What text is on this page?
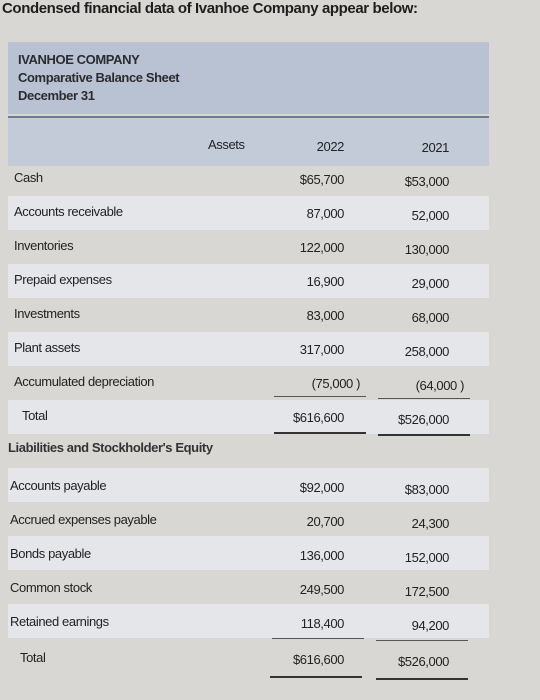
Condensed financial data of Ivanhoe Company appear below:
IVANHOE COMPANY
Comparative Balance Sheet
December 31
Assets	2022	2021
Cash	$65,700	$53,000
Accounts receivable	87,000	52,000
Inventories	122,000	130,000
Prepaid expenses	16,900	29,000
Investments	83,000	68,000
Plant assets	317,000	258,000
Accumulated depreciation	(75,000 )	(64,000 )
Total	$616,600	$526,000
Liabilities and Stockholder's Equity
Accounts payable	$92,000	$83,000
Accrued expenses payable	20,700	24,300
Bonds payable	136,000	152,000
Common stock	249,500	172,500
Retained earnings	118,400	94,200
Total	$616,600	$526,000
